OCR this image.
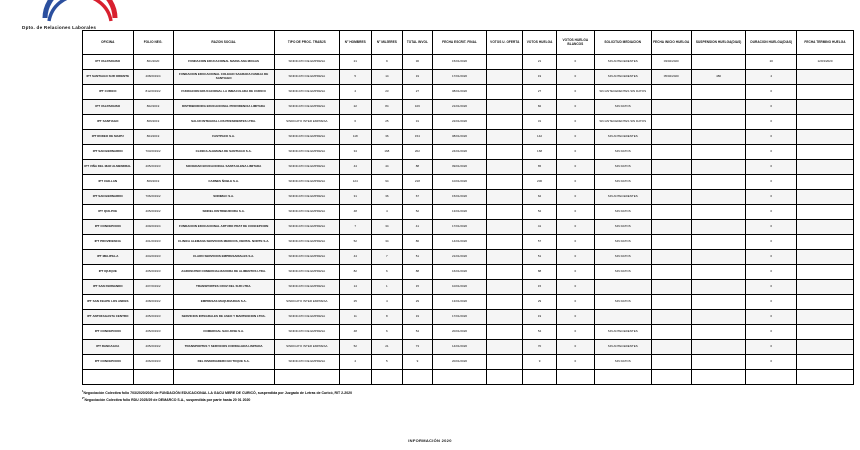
Dpto. de Relaciones Laborales
OFICINA	FOLIO NEG.	RAZON SOCIAL	TIPO DE PROC. TRABJS	N° HOMBRES	N° MUJERES	TOTAL INVOL	FECHA ESCRIT. FINAL	VOTOS U. OFERTA	VOTOS HUELGA	VOTOS HUELGA BLANCOS	SOLICITUD MEDIACION	FECHA INICIO HUELGA	SUSPENSION HUELGA(DIAS)	DURACION HUELGA(DIAS)	FECHA TERMINO HUELGA
IPT VALPARAISO	801/2020	FUNDACION EDUCACIONAL MARIA ANA MOGAS	SINDICATO DE EMPRESA	21	9	30	15/01/2020		21	0	SIN ANTECEDENTES	03/02/2020		20	12/03/2020
IPT SANTIAGO SUR ORIENTE	408/2019/4	FUNDACION EDUCACIONAL COLEGIO SAGRADA FAMILIA DE SANTIAGO	SINDICATO DE EMPRESA	5	14	19	17/01/2020		19	0	SIN ANTECEDENTES	05/02/2020	480	4	
IPT CURICO	812/2019/2	FUNDACION EDUCACIONAL LA INMACULADA DE CURICO	SINDICATO DE EMPRESA	4	23	27	08/01/2020		27	0	SIN ANTECEDENTES SIN DATOS			0	
IPT VALPARAISO	802/2019	DISTRIBUIDORA EDUCACIONAL PROVIDENCIA LIMITADA	SINDICATO DE EMPRESA	22	84	106	21/01/2020		82	0	SIN DATOS			0	
IPT SANTIAGO	806/2019	SALUD INTEGRAL LOS PRESIDENTES LTDA.	SINDICATO INTER EMPRESA	6	25	31	22/01/2020		31	0	SIN ANTECEDENTES SIN DATOS			0	
IPT RODEO DE MAIPU	804/2019	FASTPACK S.A.	SINDICATO DE EMPRESA	118	36	154	08/01/2020		142	0	SIN ANTECEDENTES			0	
IPT SAN BERNARDO	703/2019/2	CLINICA ALEMANA DE SANTIAGO S.A.	SINDICATO DE EMPRESA	34	168	202	24/01/2020		168	0	SIN DATOS			0	
IPT VIÑA DEL MAR ALMENDRAL	405/2019/3	SOCIEDAD EDUCACIONAL SANTA ELENA LIMITADA	SINDICATO DE EMPRESA	44	44	88	09/01/2020		65	0	SIN DATOS			0	
IPT CHILLAN	809/2019	CARNES ÑUBLE S.A.	SINDICATO DE EMPRESA	124	94	218	10/01/2020		206	0	SIN DATOS			0	
IPT SAN BERNARDO	706/2019/2	SODIMAC S.A.	SINDICATO DE EMPRESA	31	36	67	15/01/2020		62	0	SIN ANTECEDENTES			0	
IPT QUILPUE	405/2019/2	SINDEL DISTRIBUIDORA S.A.	SINDICATO DE EMPRESA	48	4	52	13/01/2020		52	0	SIN DATOS			0	
IPT CONCEPCION	409/2019/4	FUNDACION EDUCACIONAL ARTURO PRAT DE CONCEPCION	SINDICATO DE EMPRESA	7	34	41	17/01/2020		41	0	SIN DATOS			0	
IPT PROVIDENCIA	401/2019/3	CLINICA ALEMANA SERVICIOS MEDICOS, DENTAL NORTE S.A.	SINDICATO DE EMPRESA	52	34	86	14/01/2020		57	0	SIN DATOS			0	
IPT MELIPILLA	404/2019/3	CLARO SERVICIOS EMPRESARIALES S.A.	SINDICATO DE EMPRESA	44	7	51	21/01/2020		51	0	SIN DATOS			0	
IPT IQUIQUE	405/2019/3	AGROSUPER COMERCIALIZADORA DE ALIMENTOS LTDA.	SINDICATO DE EMPRESA	82	6	88	16/01/2020		88	0	SIN DATOS			0	
IPT SAN FERNANDO	407/2019/2	TRANSPORTES CRUZ DEL SUR LTDA.	SINDICATO DE EMPRESA	14	1	15	10/01/2020		15	0				0	
IPT SAN FELIPE LOS ANDES	408/2019/2	EMPRESAS MAQUINARIAS S.A.	SINDICATO INTER EMPRESA	25	4	29	13/01/2020		29	0	SIN DATOS			0	
IPT ANTOFAGASTA CENTRO	405/2019/3	SERVICIOS INTEGRALES DE ASEO Y MANTENCION LTDA.	SINDICATO DE EMPRESA	11	8	19	17/01/2020		19	0				0	
IPT CONCEPCION	405/2019/3	COMERCIAL SAN JOSE S.A.	SINDICATO DE EMPRESA	48	6	54	20/01/2020		54	0	SIN ANTECEDENTES			0	
IPT RANCAGUA	405/2019/2	TRANSPORTES Y SERVICIOS CORDILLERA LIMITADA	SINDICATO INTER EMPRESA	52	21	73	14/01/2020		70	0	SIN ANTECEDENTES			0	
IPT CONCEPCION	406/2019/3	DEL INVERNADERO EN TOQUE S.A.	SINDICATO DE EMPRESA	4	5	9	20/01/2020		9	0	SIN DATOS			0	

$^1$Negociación Colectiva folio 703/2020/2020 de FUNDACIÓN EDUCACIONAL LA GACU MERE DE CURICÓ, suspendida por Juzgado de Letras de Curicó, RIT 2-2020
$^{2*}$Negociación Colectiva folio RDU 2025/29 de DEMARCO S.A., suspendida por parte hasta 20 01 2020
INFORMACIÓN 2020
